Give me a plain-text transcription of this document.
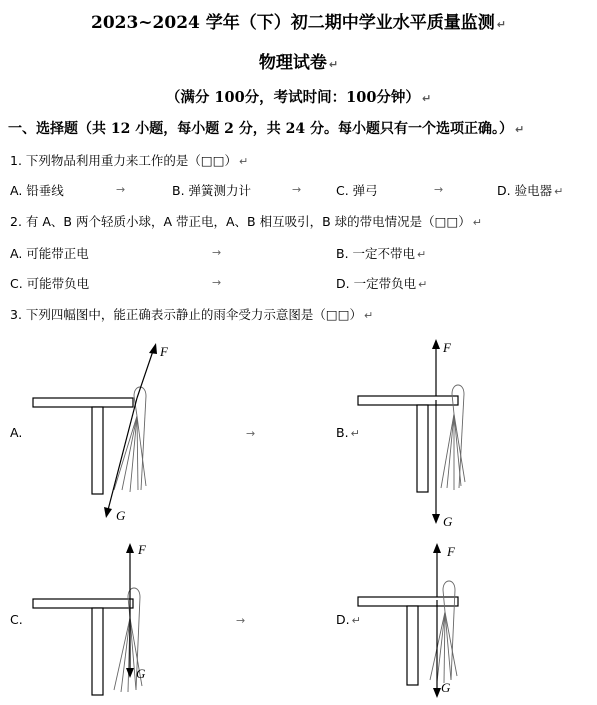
2023~2024 学年（下）初二期中学业水平质量监测 ↵
物理试卷 ↵
（满分 100分，考试时间：100分钟） ↵
一、选择题（共 12 小题，每小题 2 分，共 24 分。每小题只有一个选项正确。） ↵
1. 下列物品利用重力来工作的是（□□） ↵
A. 铅垂线	→	B. 弹簧测力计	→	C. 弹弓	→	D. 验电器 ↵
2. 有 A、B 两个轻质小球，A 带正电，A、B 相互吸引，B 球的带电情况是（□□） ↵
A. 可能带正电	→	B. 一定不带电 ↵
C. 可能带负电	→	D. 一定带负电 ↵
3. 下列四幅图中，能正确表示静止的雨伞受力示意图是（□□） ↵
A.	→	B. ↵
C.	→	D. ↵
F
G
F
G
F
G
F
G
